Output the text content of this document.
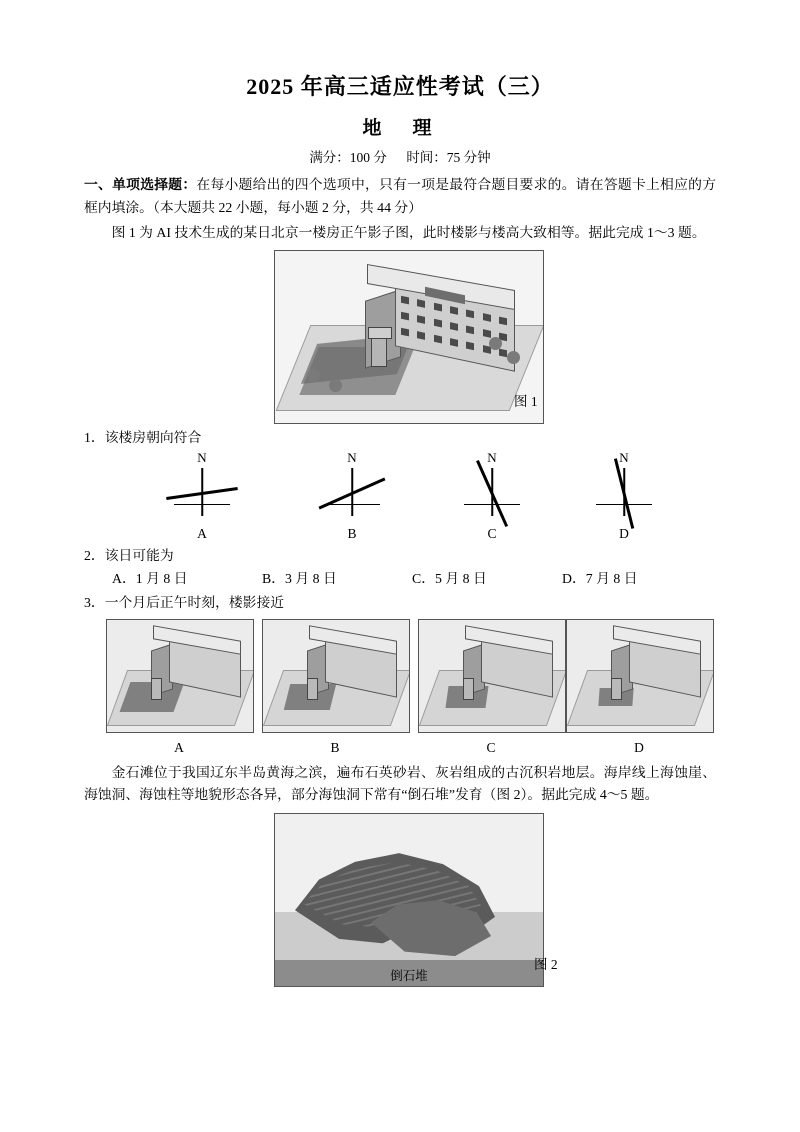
2025 年高三适应性考试（三）
地　理
满分：100 分 时间：75 分钟
一、单项选择题：在每小题给出的四个选项中，只有一项是最符合题目要求的。请在答题卡上相应的方框内填涂。（本大题共 22 小题，每小题 2 分，共 44 分）
图 1 为 AI 技术生成的某日北京一楼房正午影子图，此时楼影与楼高大致相等。据此完成 1～3 题。
图 1
1．该楼房朝向符合
N
A
N
B
N
C
N
D
2．该日可能为
A．1 月 8 日	B．3 月 8 日	C．5 月 8 日	D．7 月 8 日
3．一个月后正午时刻，楼影接近
A	B	C	D
金石滩位于我国辽东半岛黄海之滨，遍布石英砂岩、灰岩组成的古沉积岩地层。海岸线上海蚀崖、海蚀洞、海蚀柱等地貌形态各异，部分海蚀洞下常有“倒石堆”发育（图 2）。据此完成 4～5 题。
倒石堆
图 2
